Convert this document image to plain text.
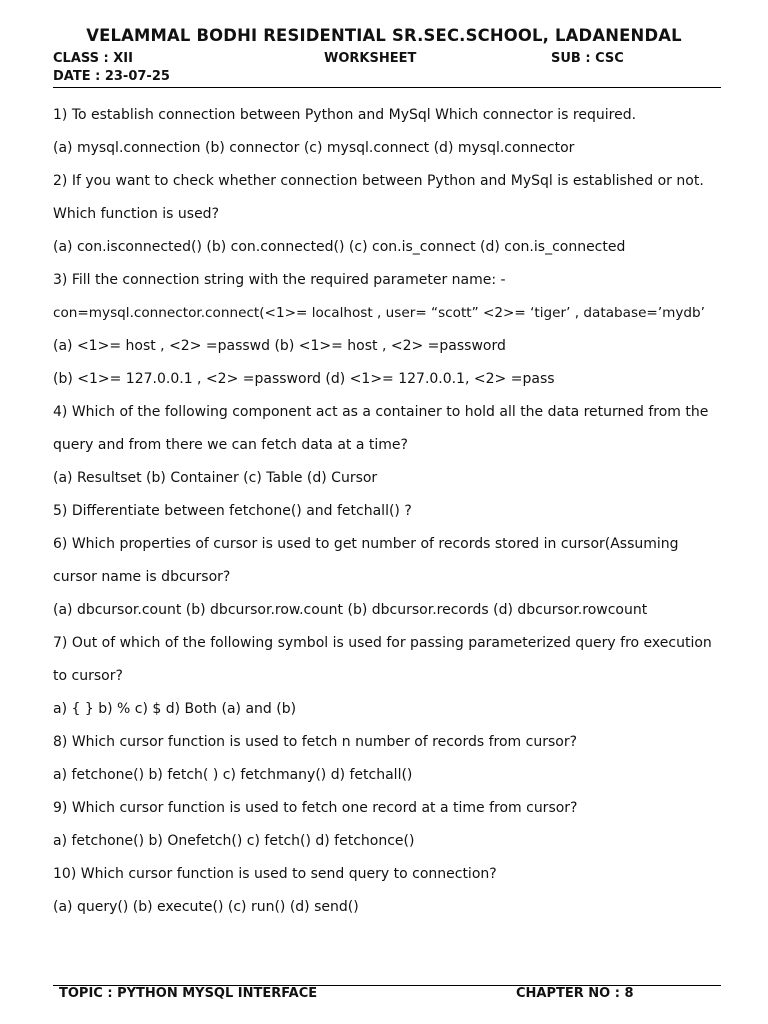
VELAMMAL BODHI RESIDENTIAL SR.SEC.SCHOOL, LADANENDAL
CLASS : XII	WORKSHEET	SUB : CSC
DATE : 23-07-25
1) To establish connection between Python and MySql Which connector is required.
(a) mysql.connection (b) connector (c) mysql.connect (d) mysql.connector
2) If you want to check whether connection between Python and MySql is established or not.
Which function is used?
(a) con.isconnected() (b) con.connected() (c) con.is_connect (d) con.is_connected
3) Fill the connection string with the required parameter name: -
con=mysql.connector.connect(<1>= localhost , user= “scott” <2>= ‘tiger’ , database=’mydb’
(a) <1>= host , <2> =passwd (b) <1>= host , <2> =password
(b) <1>= 127.0.0.1 , <2> =password (d) <1>= 127.0.0.1, <2> =pass
4) Which of the following component act as a container to hold all the data returned from the
query and from there we can fetch data at a time?
(a) Resultset (b) Container (c) Table (d) Cursor
5) Differentiate between fetchone() and fetchall() ?
6) Which properties of cursor is used to get number of records stored in cursor(Assuming
cursor name is dbcursor?
(a) dbcursor.count (b) dbcursor.row.count (b) dbcursor.records (d) dbcursor.rowcount
7) Out of which of the following symbol is used for passing parameterized query fro execution
to cursor?
a) { } b) % c) $ d) Both (a) and (b)
8) Which cursor function is used to fetch n number of records from cursor?
a) fetchone() b) fetch( ) c) fetchmany() d) fetchall()
9) Which cursor function is used to fetch one record at a time from cursor?
a) fetchone() b) Onefetch() c) fetch() d) fetchonce()
10) Which cursor function is used to send query to connection?
(a) query() (b) execute() (c) run() (d) send()
TOPIC : PYTHON MYSQL INTERFACE	CHAPTER NO : 8
